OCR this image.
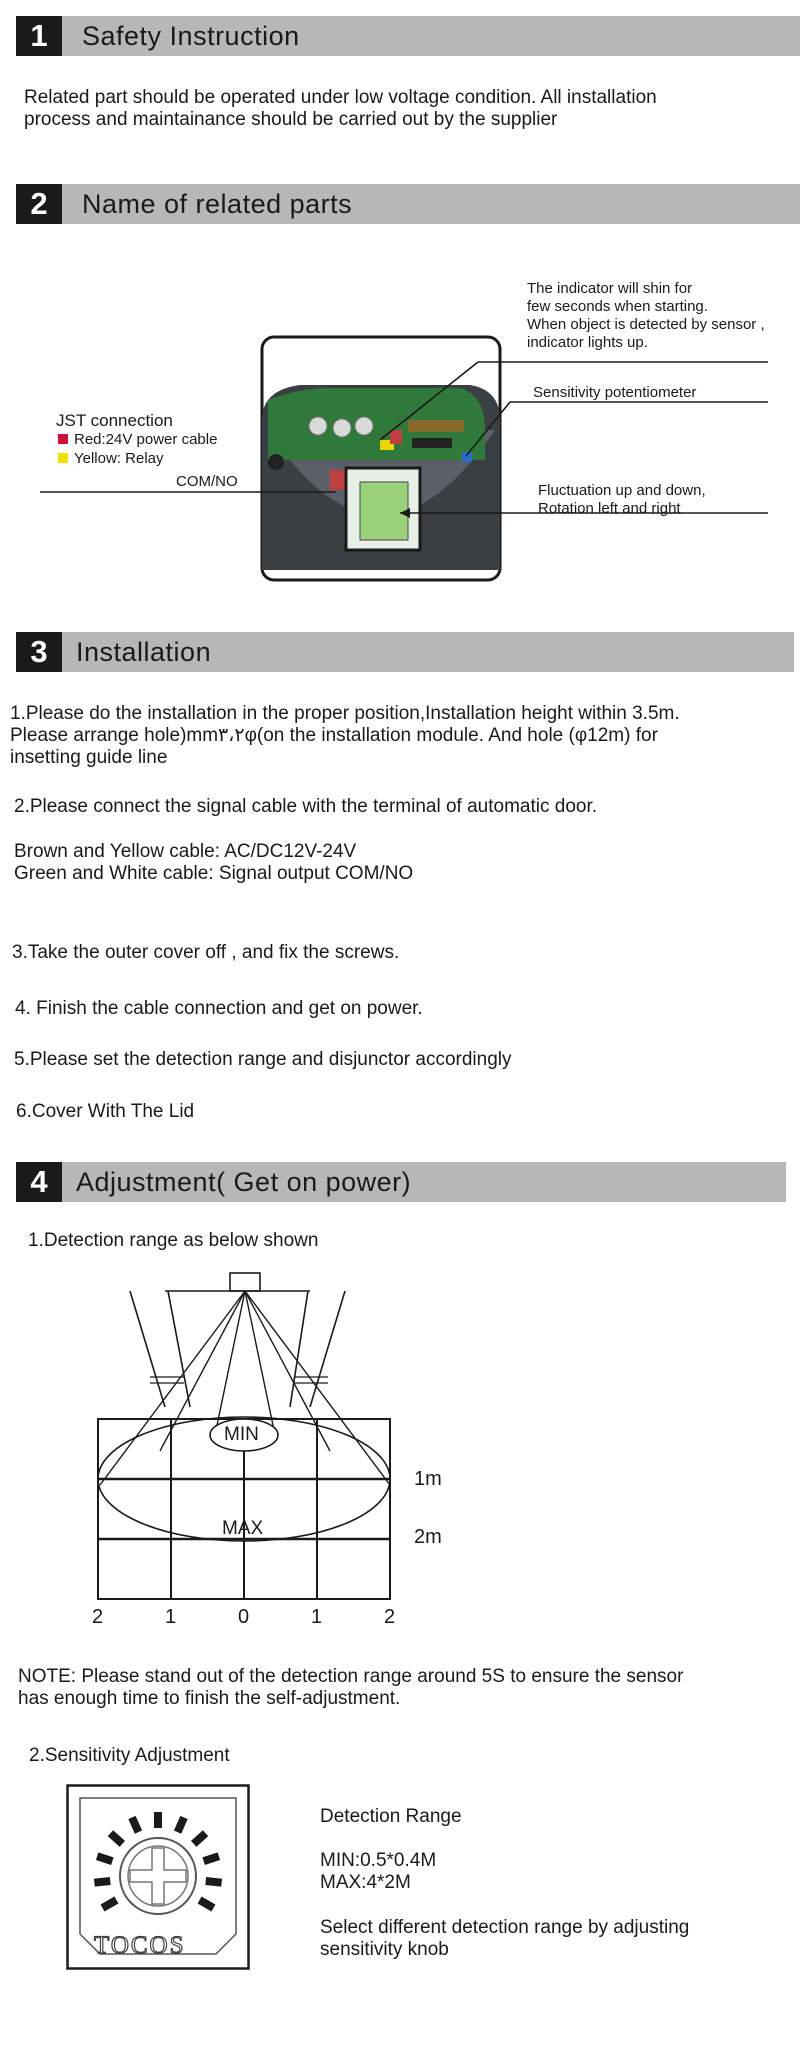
1	Safety Instruction
Related part should be operated under low voltage condition. All installation
process and maintainance should be carried out by the supplier
2	Name of related parts
The indicator will shin for
few seconds when starting.
When object is detected by sensor ,
indicator lights up.
Sensitivity potentiometer
JST connection
Red:24V power cable
Yellow: Relay
COM/NO
Fluctuation up and down,
Rotation left and right
3	Installation
1.Please do the installation in the proper position,Installation height within 3.5m.
Please arrange hole)mm٣،٢φ(on the installation module. And hole (φ12m) for
insetting guide line
2.Please connect the signal cable with the terminal of automatic door.
Brown and Yellow cable: AC/DC12V-24V
Green and White cable: Signal output COM/NO
3.Take the outer cover off , and fix the screws.
4. Finish the cable connection and get on power.
5.Please set the detection range and disjunctor accordingly
6.Cover With The Lid
4	Adjustment( Get on power)
1.Detection range as below shown
MIN
MAX
1m
2m
2	1	0	1	2
NOTE: Please stand out of the detection range around 5S to ensure the sensor
has enough time to finish the self-adjustment.
2.Sensitivity Adjustment
TOCOS
Detection Range
MIN:0.5*0.4M
MAX:4*2M
Select different detection range by adjusting
sensitivity knob
